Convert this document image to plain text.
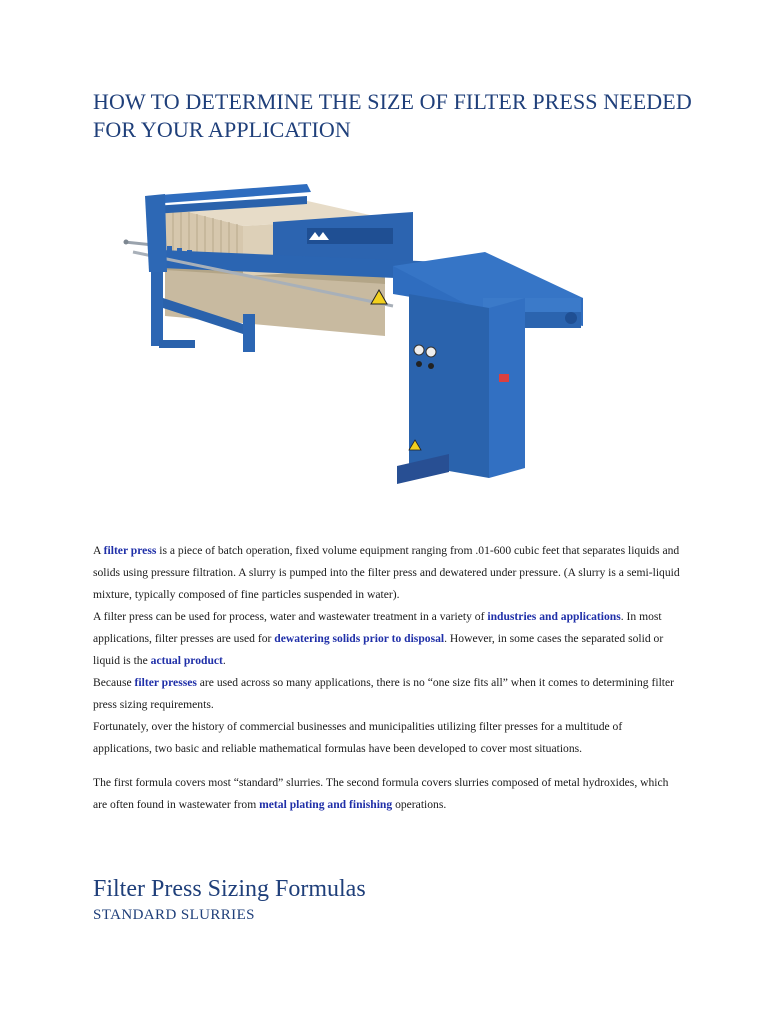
HOW TO DETERMINE THE SIZE OF FILTER PRESS NEEDED FOR YOUR APPLICATION

A filter press is a piece of batch operation, fixed volume equipment ranging from .01-600 cubic feet that separates liquids and solids using pressure filtration. A slurry is pumped into the filter press and dewatered under pressure. (A slurry is a semi-liquid mixture, typically composed of fine particles suspended in water).

A filter press can be used for process, water and wastewater treatment in a variety of industries and applications. In most applications, filter presses are used for dewatering solids prior to disposal. However, in some cases the separated solid or liquid is the actual product.

Because filter presses are used across so many applications, there is no “one size fits all” when it comes to determining filter press sizing requirements.

Fortunately, over the history of commercial businesses and municipalities utilizing filter presses for a multitude of applications, two basic and reliable mathematical formulas have been developed to cover most situations.

The first formula covers most “standard” slurries. The second formula covers slurries composed of metal hydroxides, which are often found in wastewater from metal plating and finishing operations.

Filter Press Sizing Formulas
STANDARD SLURRIES
